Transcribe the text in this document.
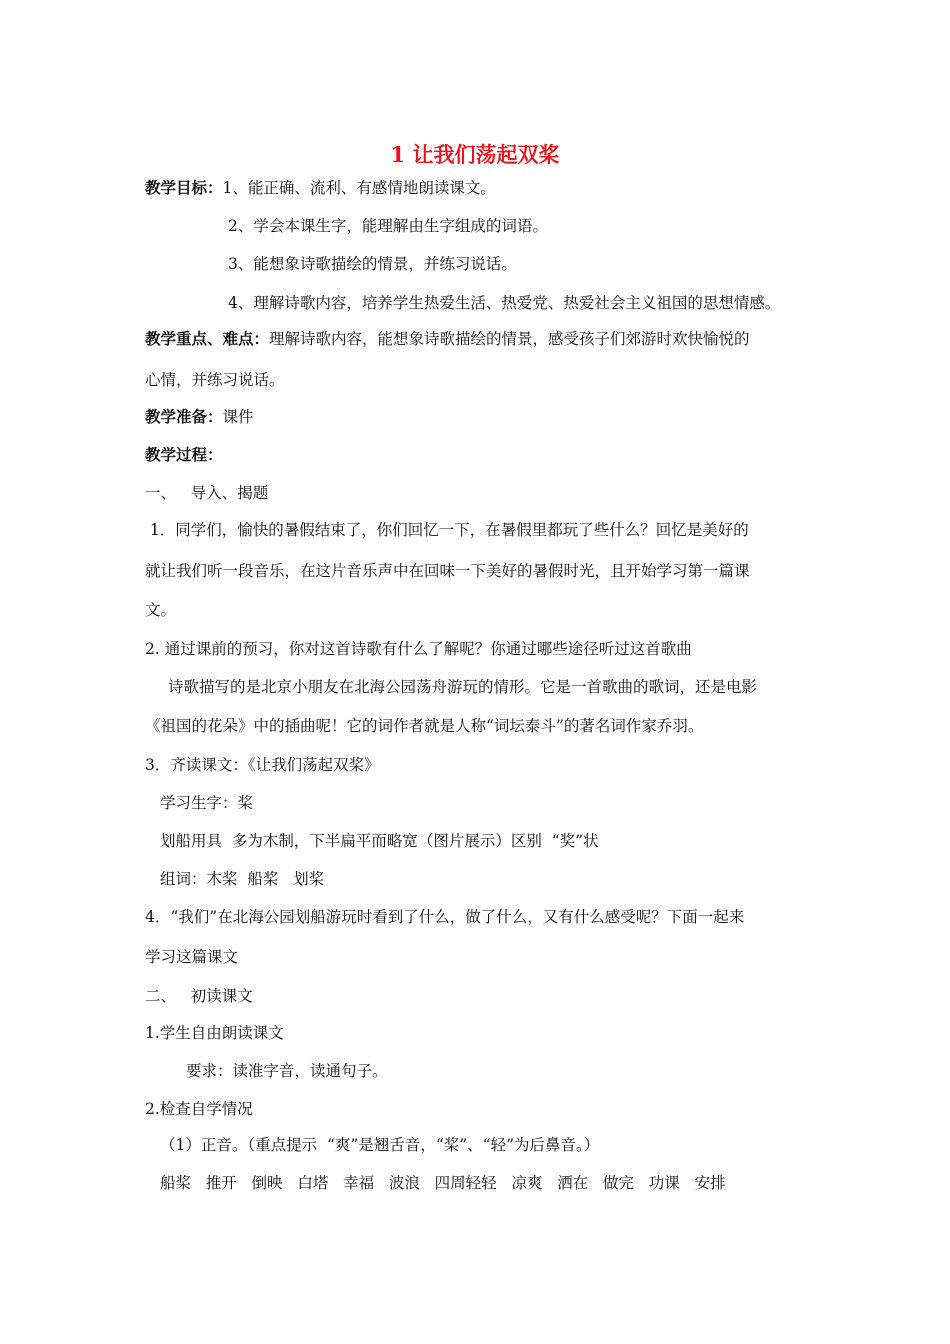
1 让我们荡起双桨
教学目标：1、能正确、流利、有感情地朗读课文。
2、学会本课生字，能理解由生字组成的词语。
3、能想象诗歌描绘的情景，并练习说话。
4、理解诗歌内容，培养学生热爱生活、热爱党、热爱社会主义祖国的思想情感。
教学重点、难点：理解诗歌内容，能想象诗歌描绘的情景，感受孩子们郊游时欢快愉悦的
心情，并练习说话。
教学准备：课件
教学过程：
一、   导入、揭题
1．同学们，愉快的暑假结束了，你们回忆一下，在暑假里都玩了些什么？回忆是美好的
就让我们听一段音乐，在这片音乐声中在回味一下美好的暑假时光，且开始学习第一篇课
文。
2. 通过课前的预习，你对这首诗歌有什么了解呢？你通过哪些途径听过这首歌曲
诗歌描写的是北京小朋友在北海公园荡舟游玩的情形。它是一首歌曲的歌词，还是电影
《祖国的花朵》中的插曲呢！它的词作者就是人称“词坛泰斗”的著名词作家乔羽。
3．齐读课文：《让我们荡起双桨》
学习生字：桨
划船用具  多为木制，下半扁平而略宽（图片展示）区别  “奖”状
组词：木桨  船桨   划桨
4．“我们”在北海公园划船游玩时看到了什么，做了什么，又有什么感受呢？下面一起来
学习这篇课文
二、   初读课文
1.学生自由朗读课文
要求：读准字音，读通句子。
2.检查自学情况
（1）正音。（重点提示  “爽”是翘舌音，“桨”、“轻”为后鼻音。）
船桨   推开   倒映   白塔   幸福   波浪   四周轻轻   凉爽   洒在   做完   功课   安排
